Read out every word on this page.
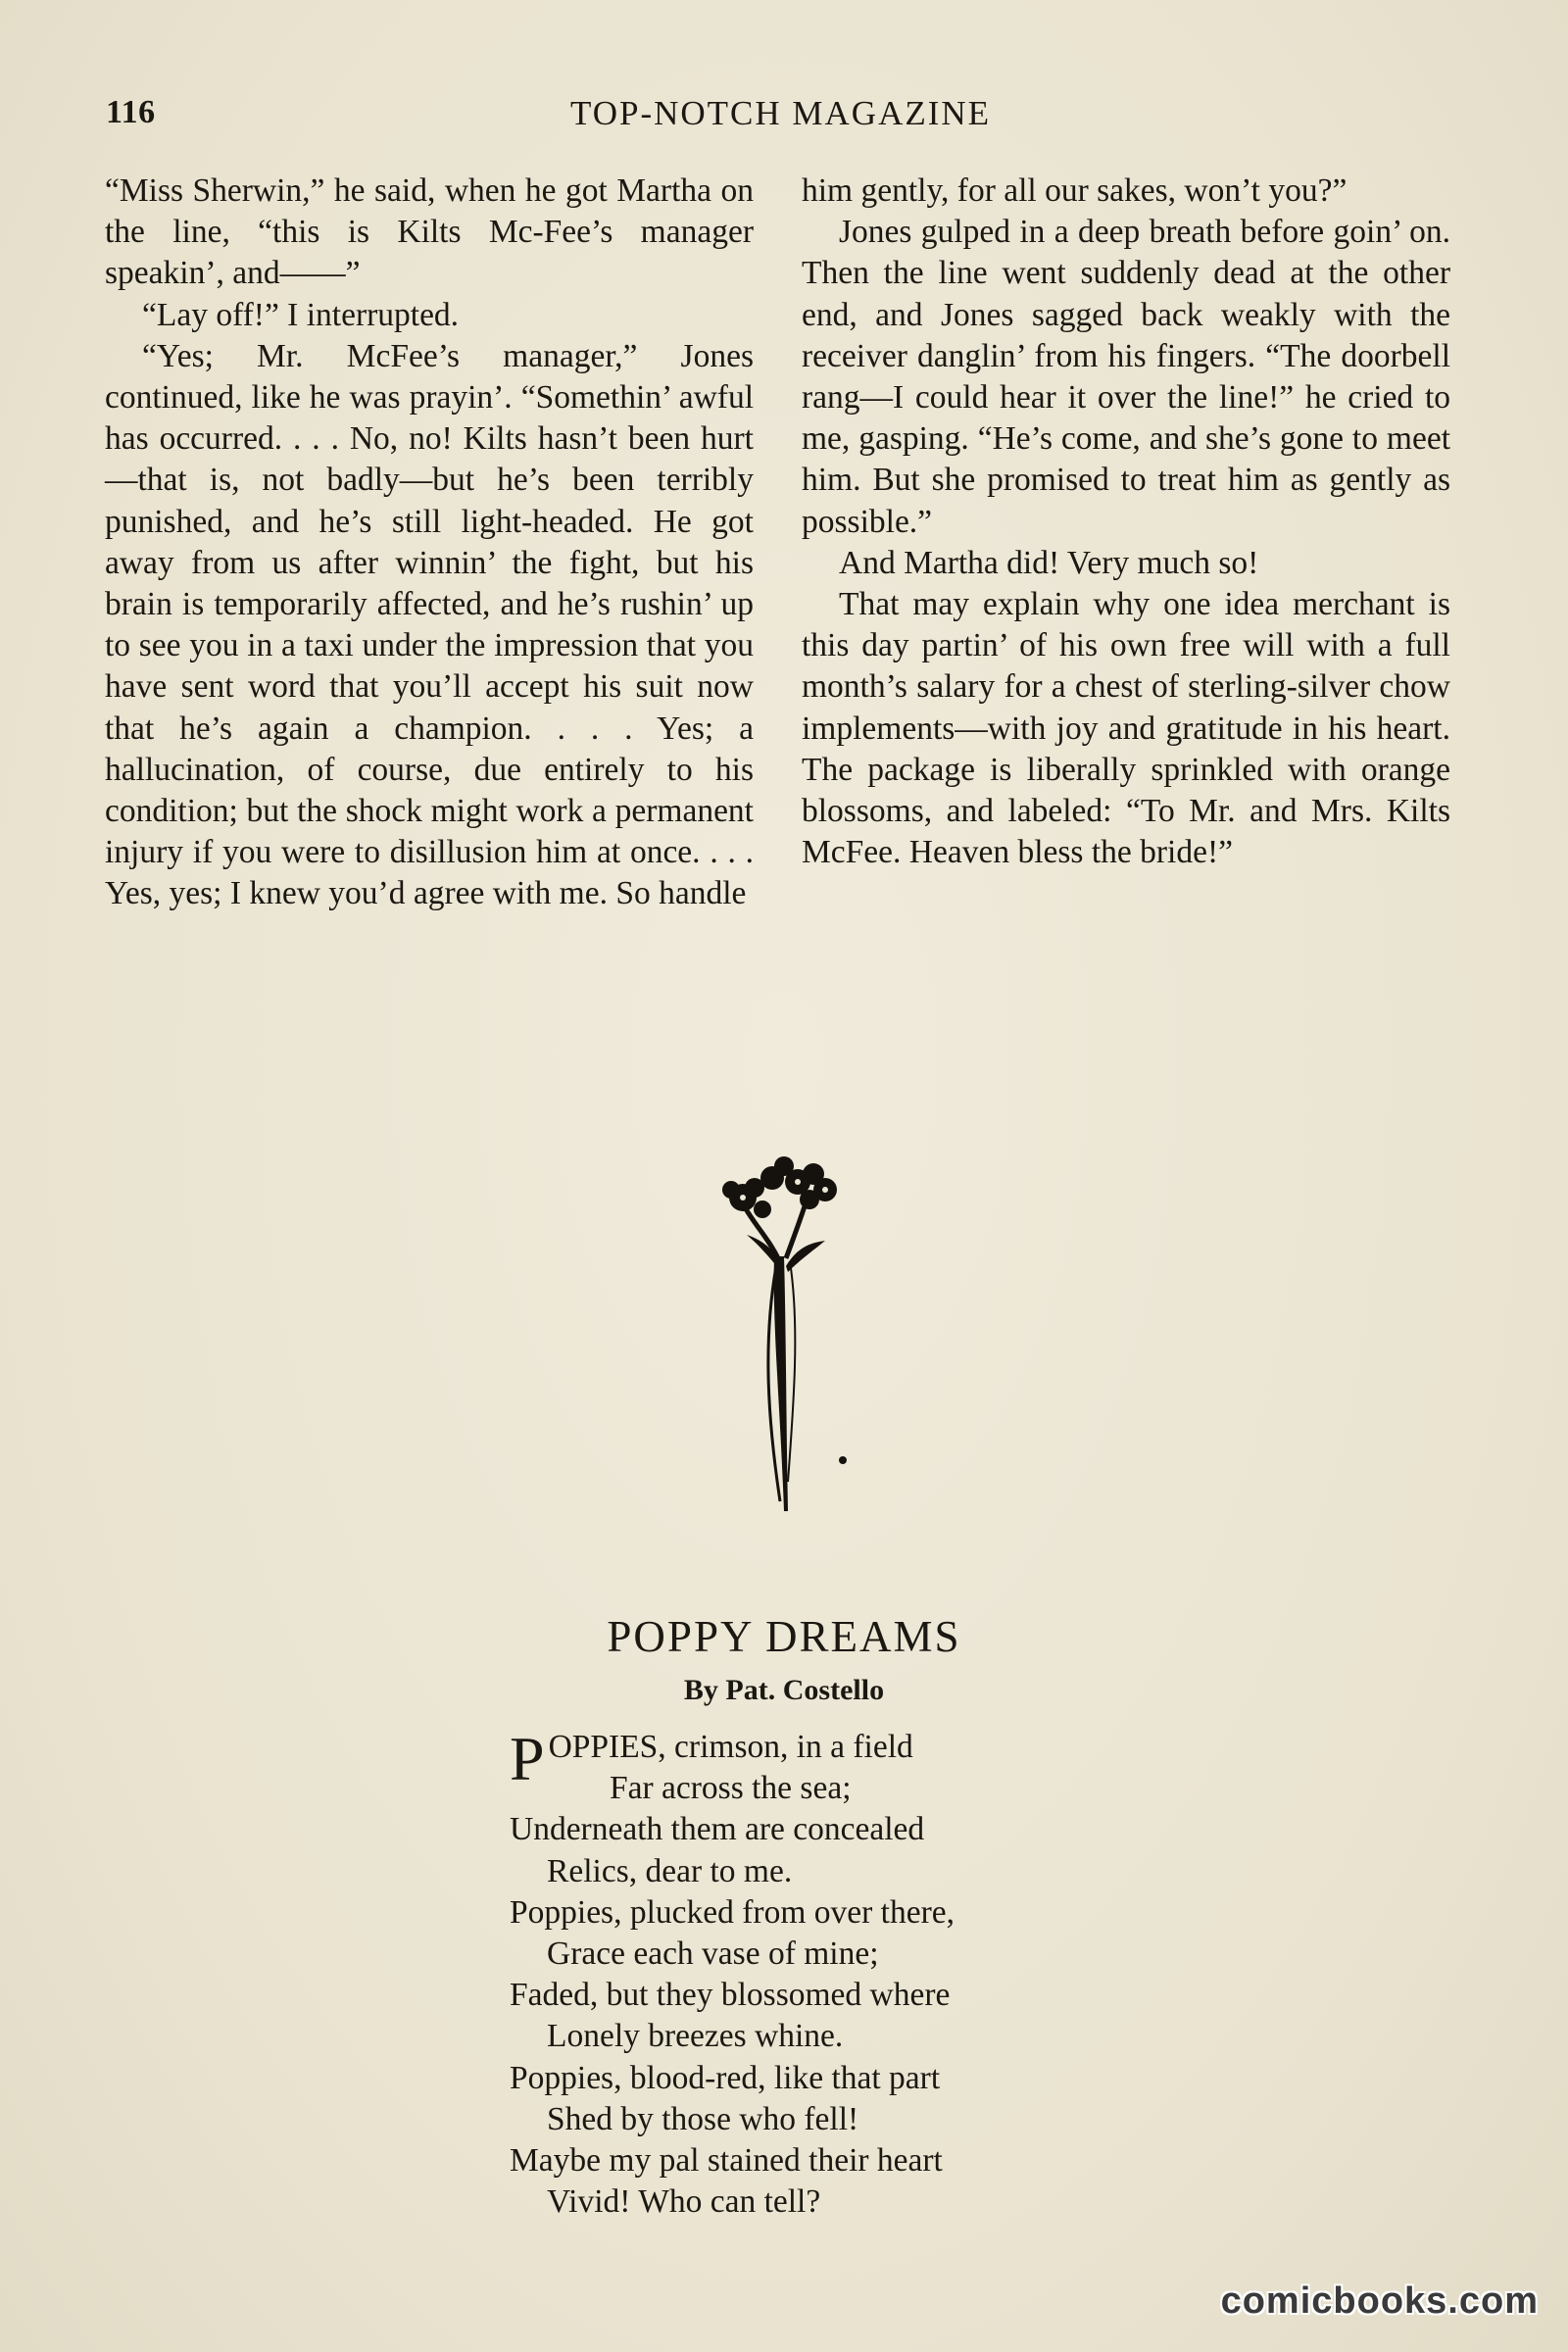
116	TOP-NOTCH MAGAZINE

“Miss Sherwin,” he said, when he got Martha on the line, “this is Kilts Mc-Fee’s manager speakin’, and——”

“Lay off!” I interrupted.

“Yes; Mr. McFee’s manager,” Jones continued, like he was prayin’. “Somethin’ awful has occurred. . . . No, no! Kilts hasn’t been hurt—that is, not badly—but he’s been terribly punished, and he’s still light-headed. He got away from us after winnin’ the fight, but his brain is temporarily affected, and he’s rushin’ up to see you in a taxi under the impression that you have sent word that you’ll accept his suit now that he’s again a champion. . . . Yes; a hallucination, of course, due entirely to his condition; but the shock might work a permanent injury if you were to disillusion him at once. . . . Yes, yes; I knew you’d agree with me. So handle

him gently, for all our sakes, won’t you?”

Jones gulped in a deep breath before goin’ on. Then the line went suddenly dead at the other end, and Jones sagged back weakly with the receiver danglin’ from his fingers. “The doorbell rang—I could hear it over the line!” he cried to me, gasping. “He’s come, and she’s gone to meet him. But she promised to treat him as gently as possible.”

And Martha did! Very much so!

That may explain why one idea merchant is this day partin’ of his own free will with a full month’s salary for a chest of sterling-silver chow implements—with joy and gratitude in his heart. The package is liberally sprinkled with orange blossoms, and labeled: “To Mr. and Mrs. Kilts McFee. Heaven bless the bride!”

POPPY DREAMS
By Pat. Costello
P OPPIES, crimson, in a field
Far across the sea;
Underneath them are concealed
Relics, dear to me.
Poppies, plucked from over there,
Grace each vase of mine;
Faded, but they blossomed where
Lonely breezes whine.
Poppies, blood-red, like that part
Shed by those who fell!
Maybe my pal stained their heart
Vivid! Who can tell?
comicbooks.com
